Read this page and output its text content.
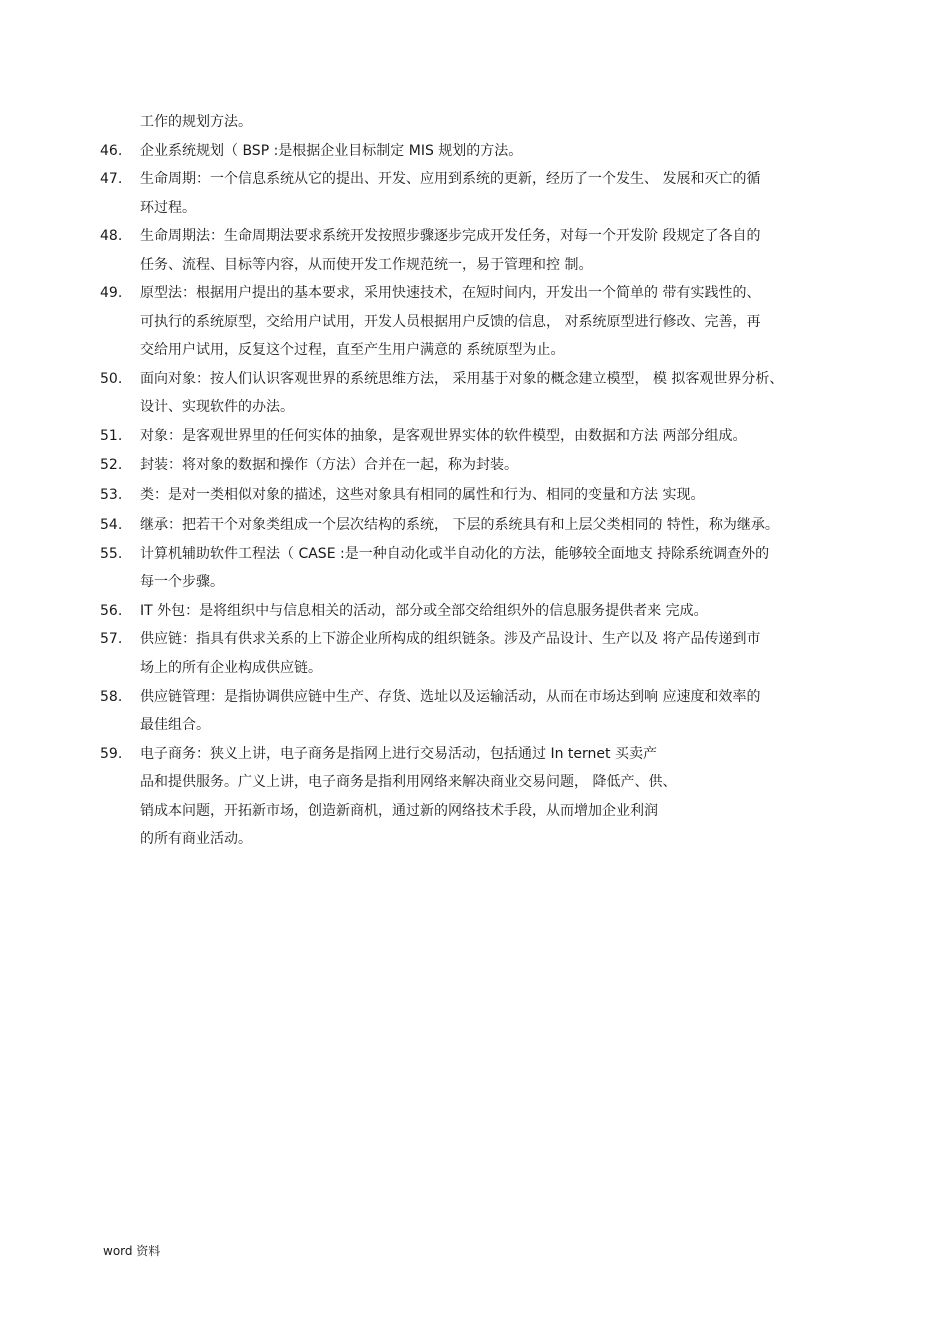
工作的规划方法。
46. 企业系统规划（ BSP :是根据企业目标制定 MIS 规划的方法。
47. 生命周期：一个信息系统从它的提出、开发、应用到系统的更新，经历了一个发生、 发展和灭亡的循
环过程。
48. 生命周期法：生命周期法要求系统开发按照步骤逐步完成开发任务，对每一个开发阶 段规定了各自的
任务、流程、目标等内容，从而使开发工作规范统一，易于管理和控 制。
49. 原型法：根据用户提出的基本要求，采用快速技术，在短时间内，开发出一个简单的 带有实践性的、
可执行的系统原型，交给用户试用，开发人员根据用户反馈的信息， 对系统原型进行修改、完善，再
交给用户试用，反复这个过程，直至产生用户满意的 系统原型为止。
50. 面向对象：按人们认识客观世界的系统思维方法， 采用基于对象的概念建立模型， 模 拟客观世界分析、
设计、实现软件的办法。
51. 对象：是客观世界里的任何实体的抽象，是客观世界实体的软件模型，由数据和方法 两部分组成。
52. 封装：将对象的数据和操作（方法）合并在一起，称为封装。
53. 类：是对一类相似对象的描述，这些对象具有相同的属性和行为、相同的变量和方法 实现。
54. 继承：把若干个对象类组成一个层次结构的系统， 下层的系统具有和上层父类相同的 特性，称为继承。
55. 计算机辅助软件工程法（ CASE :是一种自动化或半自动化的方法，能够较全面地支 持除系统调查外的
每一个步骤。
56. IT 外包：是将组织中与信息相关的活动，部分或全部交给组织外的信息服务提供者来 完成。
57. 供应链：指具有供求关系的上下游企业所构成的组织链条。涉及产品设计、生产以及 将产品传递到市
场上的所有企业构成供应链。
58. 供应链管理：是指协调供应链中生产、存货、选址以及运输活动，从而在市场达到响 应速度和效率的
最佳组合。
59. 电子商务：狭义上讲，电子商务是指网上进行交易活动，包括通过 In ternet 买卖产
品和提供服务。广义上讲，电子商务是指利用网络来解决商业交易问题， 降低产、供、
销成本问题，开拓新市场，创造新商机，通过新的网络技术手段，从而增加企业利润
的所有商业活动。
word 资料
